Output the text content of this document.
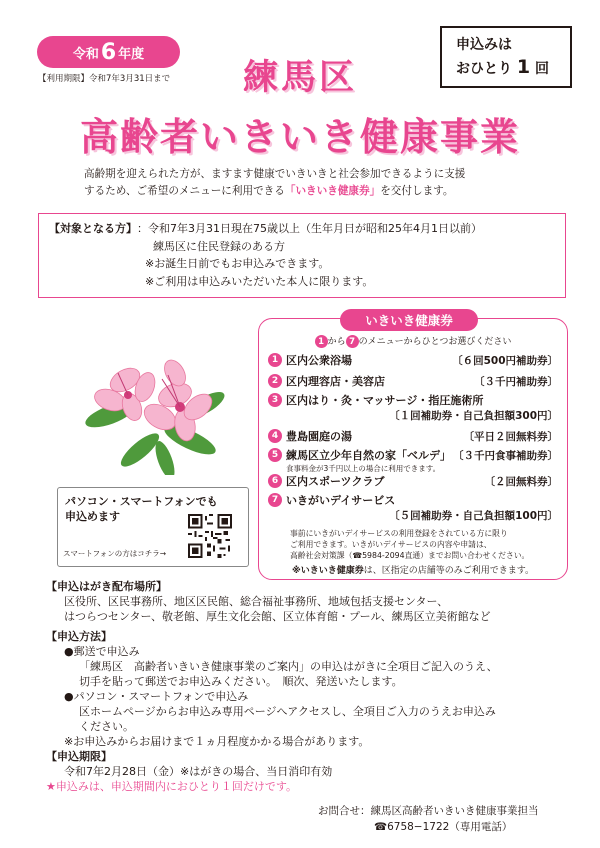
令和 6 年度
【利用期限】令和7年3月31日まで
申込みは
おひとり 1 回
練馬区
高齢者いきいき健康事業
高齢期を迎えられた方が、ますます健康でいきいきと社会参加できるように支援
するため、ご希望のメニューに利用できる「いきいき健康券」を交付します。
【対象となる方】 ：令和7年3月31日現在75歳以上（生年月日が昭和25年4月1日以前）
練馬区に住民登録のある方
※お誕生日前でもお申込みできます。
※ご利用は申込みいただいた本人に限ります。
いきいき健康券
1 から 7 のメニューからひとつお選びください
1 区内公衆浴場	〔６回500円補助券〕
2 区内理容店・美容店	〔３千円補助券〕
3 区内はり・灸・マッサージ・指圧施術所
〔１回補助券・自己負担額300円〕
4 豊島園庭の湯	〔平日２回無料券〕
5 練馬区立少年自然の家「ベルデ」 〔３千円食事補助券〕
食事料金が3千円以上の場合に利用できます。
6 区内スポーツクラブ	〔２回無料券〕
7 いきがいデイサービス
〔５回補助券・自己負担額100円〕
事前にいきがいデイサービスの利用登録をされている方に限り
ご利用できます。いきがいデイサービスの内容や申請は、
高齢社会対策課（☎5984-2094直通）までお問い合わせください。
※いきいき健康券は、区指定の店舗等のみご利用できます。
パソコン・スマートフォンでも
申込めます
スマートフォンの方はコチラ→
【申込はがき配布場所】
区役所、区民事務所、地区区民館、総合福祉事務所、地域包括支援センター、
はつらつセンター、敬老館、厚生文化会館、区立体育館・プール、練馬区立美術館など
【申込方法】
●郵送で申込み
「練馬区　高齢者いきいき健康事業のご案内」の申込はがきに全項目ご記入のうえ、
切手を貼って郵送でお申込みください。　順次、発送いたします。
●パソコン・スマートフォンで申込み
区ホームページからお申込み専用ページへアクセスし、全項目ご入力のうえお申込み
ください。
※お申込みからお届けまで１ヵ月程度かかる場合があります。
【申込期限】
令和7年2月28日（金）※はがきの場合、当日消印有効
★申込みは、申込期間内におひとり１回だけです。
お問合せ：練馬区高齢者いきいき健康事業担当
☎6758−1722（専用電話）
